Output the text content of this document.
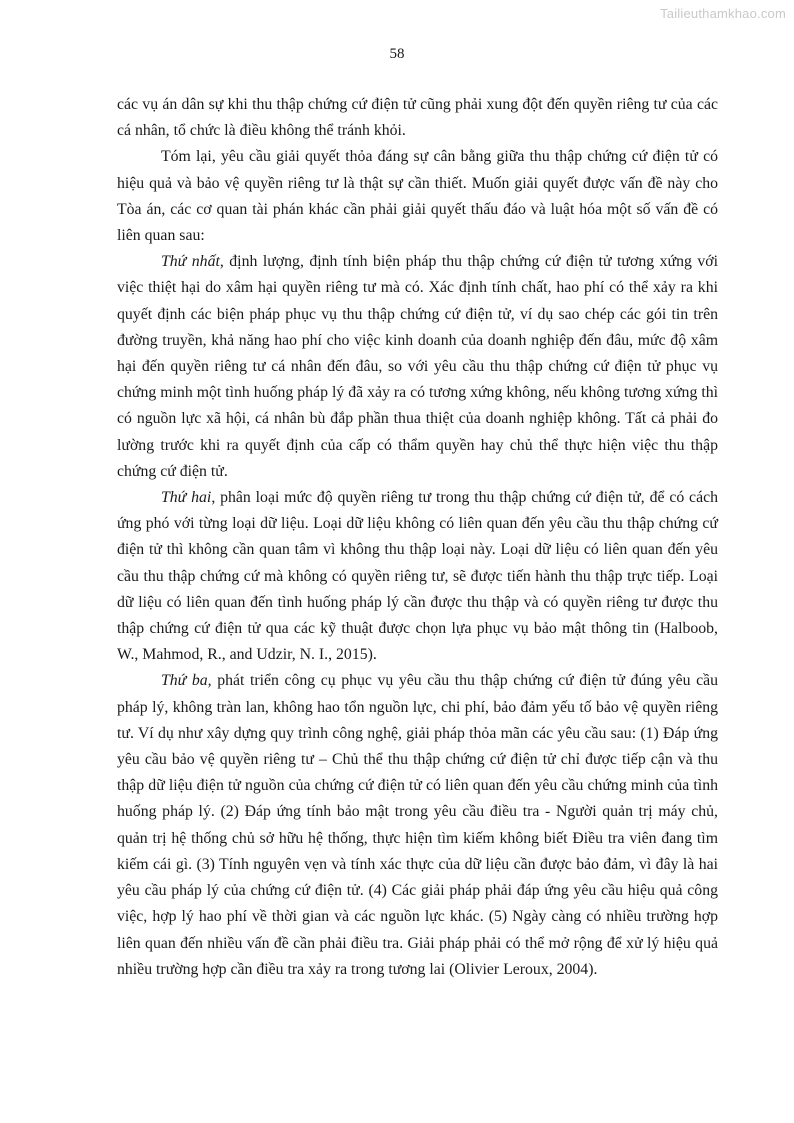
Tailieuthamkhao.com
58

các vụ án dân sự khi thu thập chứng cứ điện tử cũng phải xung đột đến quyền riêng tư của các cá nhân, tổ chức là điều không thể tránh khỏi.

Tóm lại, yêu cầu giải quyết thỏa đáng sự cân bằng giữa thu thập chứng cứ điện tử có hiệu quả và bảo vệ quyền riêng tư là thật sự cần thiết. Muốn giải quyết được vấn đề này cho Tòa án, các cơ quan tài phán khác cần phải giải quyết thấu đáo và luật hóa một số vấn đề có liên quan sau:

Thứ nhất, định lượng, định tính biện pháp thu thập chứng cứ điện tử tương xứng với việc thiệt hại do xâm hại quyền riêng tư mà có. Xác định tính chất, hao phí có thể xảy ra khi quyết định các biện pháp phục vụ thu thập chứng cứ điện tử, ví dụ sao chép các gói tin trên đường truyền, khả năng hao phí cho việc kinh doanh của doanh nghiệp đến đâu, mức độ xâm hại đến quyền riêng tư cá nhân đến đâu, so với yêu cầu thu thập chứng cứ điện tử phục vụ chứng minh một tình huống pháp lý đã xảy ra có tương xứng không, nếu không tương xứng thì có nguồn lực xã hội, cá nhân bù đắp phần thua thiệt của doanh nghiệp không. Tất cả phải đo lường trước khi ra quyết định của cấp có thẩm quyền hay chủ thể thực hiện việc thu thập chứng cứ điện tử.

Thứ hai, phân loại mức độ quyền riêng tư trong thu thập chứng cứ điện tử, để có cách ứng phó với từng loại dữ liệu. Loại dữ liệu không có liên quan đến yêu cầu thu thập chứng cứ điện tử thì không cần quan tâm vì không thu thập loại này. Loại dữ liệu có liên quan đến yêu cầu thu thập chứng cứ mà không có quyền riêng tư, sẽ được tiến hành thu thập trực tiếp. Loại dữ liệu có liên quan đến tình huống pháp lý cần được thu thập và có quyền riêng tư được thu thập chứng cứ điện tử qua các kỹ thuật được chọn lựa phục vụ bảo mật thông tin (Halboob, W., Mahmod, R., and Udzir, N. I., 2015).

Thứ ba, phát triển công cụ phục vụ yêu cầu thu thập chứng cứ điện tử đúng yêu cầu pháp lý, không tràn lan, không hao tổn nguồn lực, chi phí, bảo đảm yếu tố bảo vệ quyền riêng tư. Ví dụ như xây dựng quy trình công nghệ, giải pháp thỏa mãn các yêu cầu sau: (1) Đáp ứng yêu cầu bảo vệ quyền riêng tư – Chủ thể thu thập chứng cứ điện tử chỉ được tiếp cận và thu thập dữ liệu điện tử nguồn của chứng cứ điện tử có liên quan đến yêu cầu chứng minh của tình huống pháp lý. (2) Đáp ứng tính bảo mật trong yêu cầu điều tra - Người quản trị máy chủ, quản trị hệ thống chủ sở hữu hệ thống, thực hiện tìm kiếm không biết Điều tra viên đang tìm kiếm cái gì. (3) Tính nguyên vẹn và tính xác thực của dữ liệu cần được bảo đảm, vì đây là hai yêu cầu pháp lý của chứng cứ điện tử. (4) Các giải pháp phải đáp ứng yêu cầu hiệu quả công việc, hợp lý hao phí về thời gian và các nguồn lực khác. (5) Ngày càng có nhiều trường hợp liên quan đến nhiều vấn đề cần phải điều tra. Giải pháp phải có thể mở rộng để xử lý hiệu quả nhiều trường hợp cần điều tra xảy ra trong tương lai (Olivier Leroux, 2004).
